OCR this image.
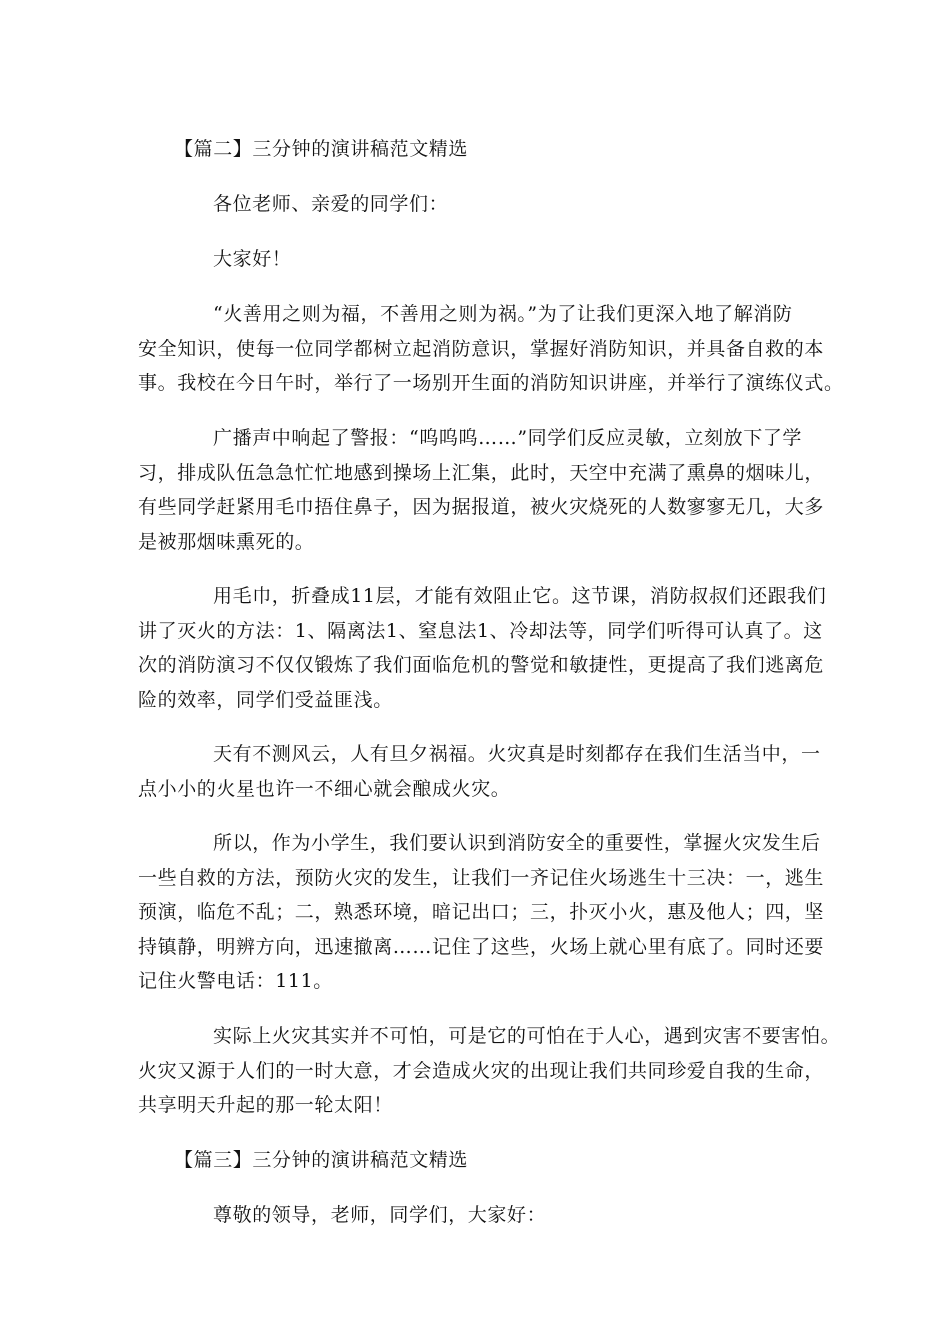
【篇二】三分钟的演讲稿范文精选
各位老师、亲爱的同学们：
大家好！
“火善用之则为福，不善用之则为祸。”为了让我们更深入地了解消防
安全知识，使每一位同学都树立起消防意识，掌握好消防知识，并具备自救的本
事。我校在今日午时，举行了一场别开生面的消防知识讲座，并举行了演练仪式。
广播声中响起了警报：“呜呜呜……”同学们反应灵敏，立刻放下了学
习，排成队伍急急忙忙地感到操场上汇集，此时，天空中充满了熏鼻的烟味儿，
有些同学赶紧用毛巾捂住鼻子，因为据报道，被火灾烧死的人数寥寥无几，大多
是被那烟味熏死的。
用毛巾，折叠成11层，才能有效阻止它。这节课，消防叔叔们还跟我们
讲了灭火的方法：1、隔离法1、窒息法1、冷却法等，同学们听得可认真了。这
次的消防演习不仅仅锻炼了我们面临危机的警觉和敏捷性，更提高了我们逃离危
险的效率，同学们受益匪浅。
天有不测风云，人有旦夕祸福。火灾真是时刻都存在我们生活当中，一
点小小的火星也许一不细心就会酿成火灾。
所以，作为小学生，我们要认识到消防安全的重要性，掌握火灾发生后
一些自救的方法，预防火灾的发生，让我们一齐记住火场逃生十三决：一，逃生
预演，临危不乱；二，熟悉环境，暗记出口；三，扑灭小火，惠及他人；四，坚
持镇静，明辨方向，迅速撤离……记住了这些，火场上就心里有底了。同时还要
记住火警电话：111。
实际上火灾其实并不可怕，可是它的可怕在于人心，遇到灾害不要害怕。
火灾又源于人们的一时大意，才会造成火灾的出现让我们共同珍爱自我的生命，
共享明天升起的那一轮太阳！
【篇三】三分钟的演讲稿范文精选
尊敬的领导，老师，同学们，大家好：
